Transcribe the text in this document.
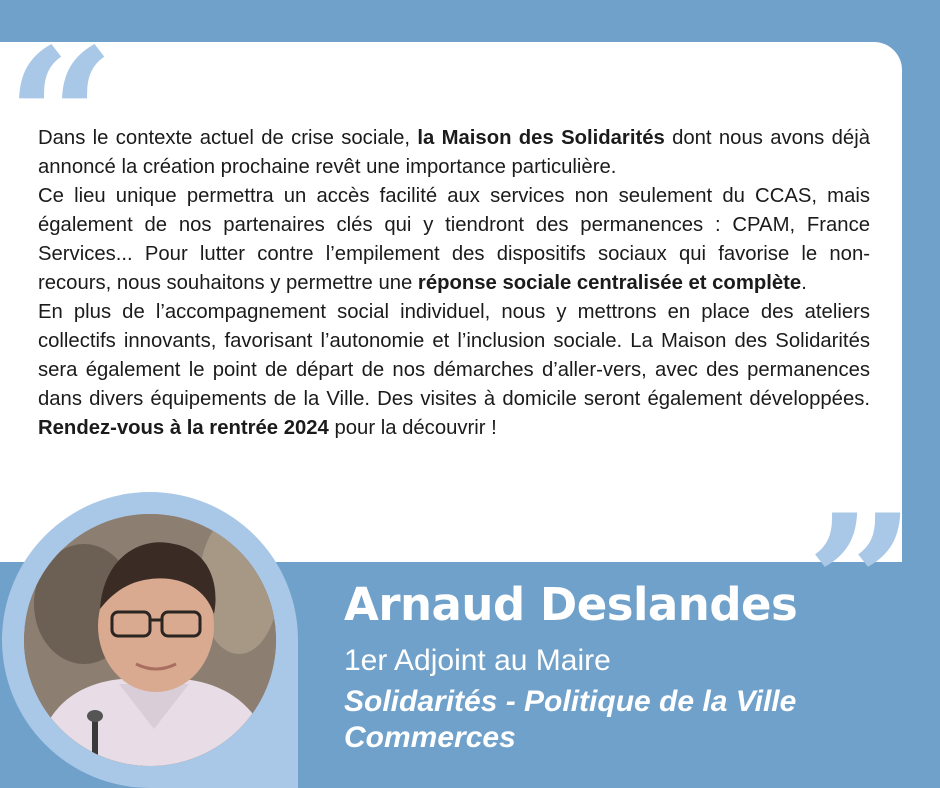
“

Dans le contexte actuel de crise sociale, la Maison des Solidarités dont nous avons déjà annoncé la création prochaine revêt une importance particulière.

Ce lieu unique permettra un accès facilité aux services non seulement du CCAS, mais également de nos partenaires clés qui y tiendront des permanences : CPAM, France Services... Pour lutter contre l’empilement des dispositifs sociaux qui favorise le non-recours, nous souhaitons y permettre une réponse sociale centralisée et complète.

En plus de l’accompagnement social individuel, nous y mettrons en place des ateliers collectifs innovants, favorisant l’autonomie et l’inclusion sociale. La Maison des Solidarités sera également le point de départ de nos démarches d’aller-vers, avec des permanences dans divers équipements de la Ville. Des visites à domicile seront également développées. Rendez-vous à la rentrée 2024 pour la découvrir !

”
Arnaud Deslandes
1er Adjoint au Maire
Solidarités - Politique de la Ville
Commerces
